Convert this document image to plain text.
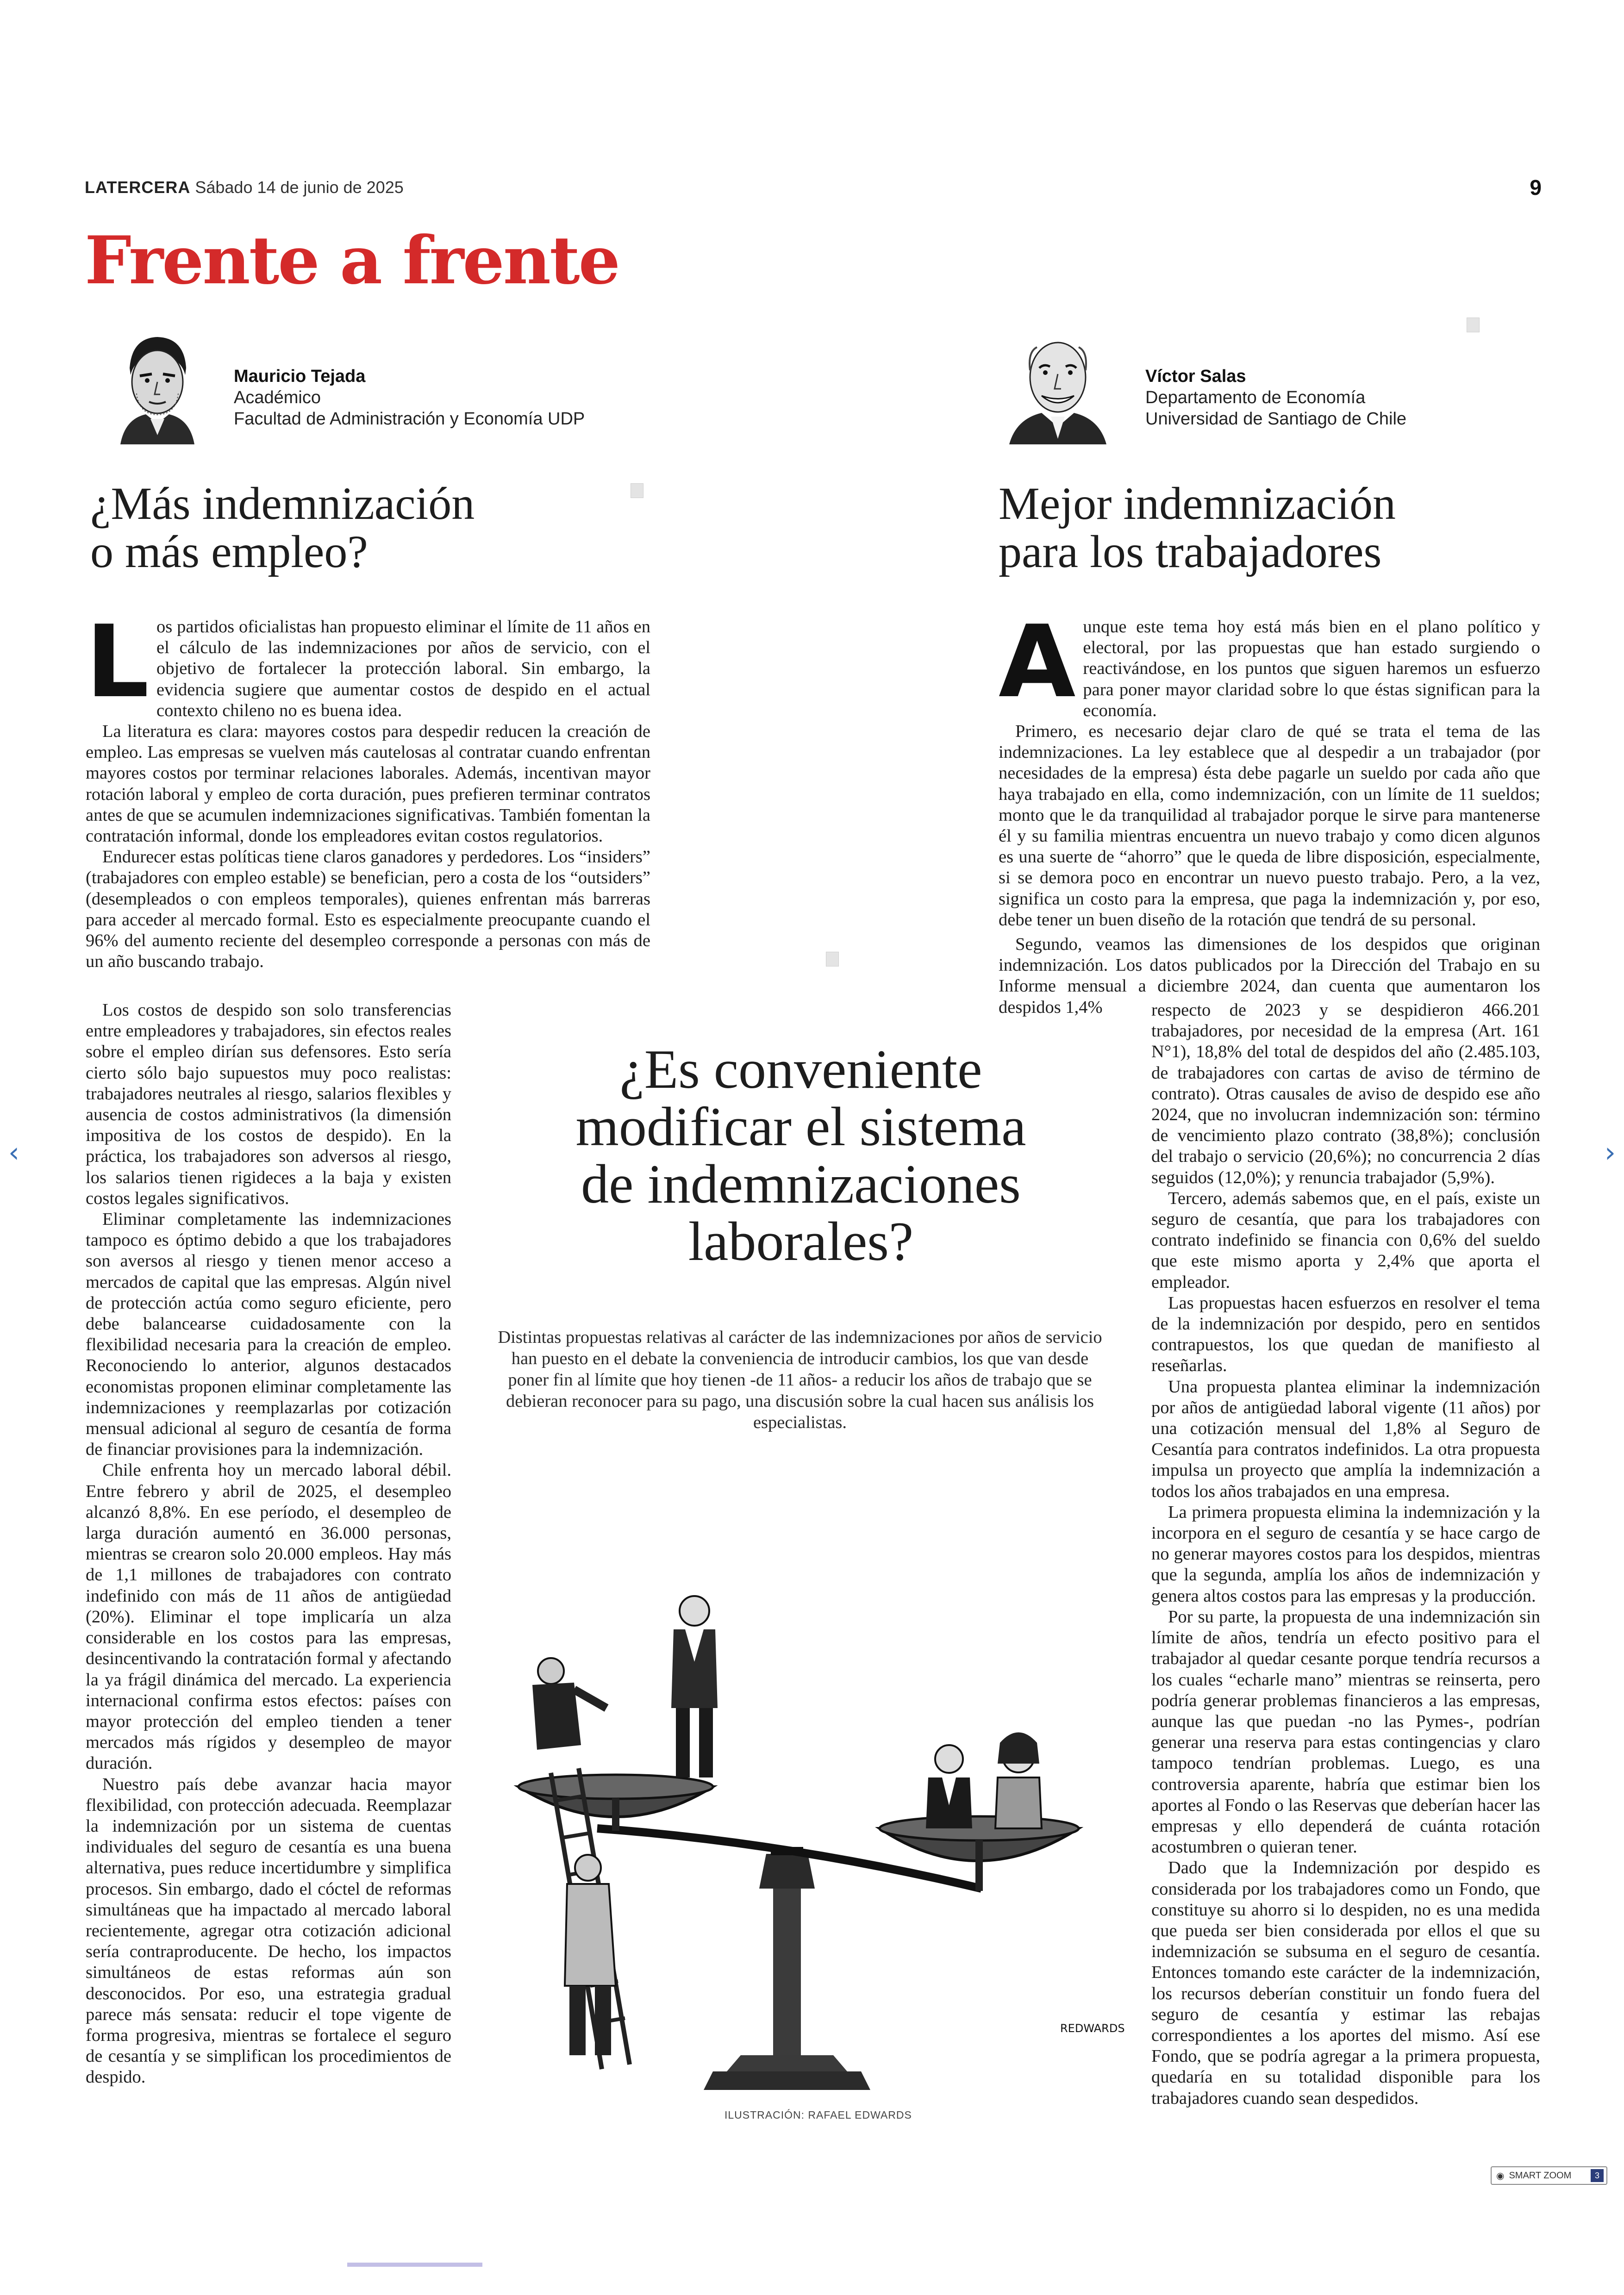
LATERCERA Sábado 14 de junio de 2025	9
Frente a frente
Mauricio Tejada
Académico
Facultad de Administración y Economía UDP
Víctor Salas
Departamento de Economía
Universidad de Santiago de Chile
¿Más indemnización
o más empleo?
Mejor indemnización
para los trabajadores
L os partidos oficialistas han propuesto eliminar el límite de 11 años en el cálculo de las indemnizaciones por años de servicio, con el objetivo de fortalecer la protección laboral. Sin embargo, la evidencia sugiere que aumentar costos de despido en el actual contexto chileno no es buena idea.

La literatura es clara: mayores costos para despedir reducen la creación de empleo. Las empresas se vuelven más cautelosas al contratar cuando enfrentan mayores costos por terminar relaciones laborales. Además, incentivan mayor rotación laboral y empleo de corta duración, pues prefieren terminar contratos antes de que se acumulen indemnizaciones significativas. También fomentan la contratación informal, donde los empleadores evitan costos regulatorios.

Endurecer estas políticas tiene claros ganadores y perdedores. Los “insiders” (trabajadores con empleo estable) se benefician, pero a costa de los “outsiders” (desempleados o con empleos temporales), quienes enfrentan más barreras para acceder al mercado formal. Esto es especialmente preocupante cuando el 96% del aumento reciente del desempleo corresponde a personas con más de un año buscando trabajo.

Los costos de despido son solo transferencias entre empleadores y trabajadores, sin efectos reales sobre el empleo dirían sus defensores. Esto sería cierto sólo bajo supuestos muy poco realistas: trabajadores neutrales al riesgo, salarios flexibles y ausencia de costos administrativos (la dimensión impositiva de los costos de despido). En la práctica, los trabajadores son adversos al riesgo, los salarios tienen rigideces a la baja y existen costos legales significativos.

Eliminar completamente las indemnizaciones tampoco es óptimo debido a que los trabajadores son aversos al riesgo y tienen menor acceso a mercados de capital que las empresas. Algún nivel de protección actúa como seguro eficiente, pero debe balancearse cuidadosamente con la flexibilidad necesaria para la creación de empleo. Reconociendo lo anterior, algunos destacados economistas proponen eliminar completamente las indemnizaciones y reemplazarlas por cotización mensual adicional al seguro de cesantía de forma de financiar provisiones para la indemnización.

Chile enfrenta hoy un mercado laboral débil. Entre febrero y abril de 2025, el desempleo alcanzó 8,8%. En ese período, el desempleo de larga duración aumentó en 36.000 personas, mientras se crearon solo 20.000 empleos. Hay más de 1,1 millones de trabajadores con contrato indefinido con más de 11 años de antigüedad (20%). Eliminar el tope implicaría un alza considerable en los costos para las empresas, desincentivando la contratación formal y afectando la ya frágil dinámica del mercado. La experiencia internacional confirma estos efectos: países con mayor protección del empleo tienden a tener mercados más rígidos y desempleo de mayor duración.

Nuestro país debe avanzar hacia mayor flexibilidad, con protección adecuada. Reemplazar la indemnización por un sistema de cuentas individuales del seguro de cesantía es una buena alternativa, pues reduce incertidumbre y simplifica procesos. Sin embargo, dado el cóctel de reformas simultáneas que ha impactado al mercado laboral recientemente, agregar otra cotización adicional sería contraproducente. De hecho, los impactos simultáneos de estas reformas aún son desconocidos. Por eso, una estrategia gradual parece más sensata: reducir el tope vigente de forma progresiva, mientras se fortalece el seguro de cesantía y se simplifican los procedimientos de despido.

A unque este tema hoy está más bien en el plano político y electoral, por las propuestas que han estado surgiendo o reactivándose, en los puntos que siguen haremos un esfuerzo para poner mayor claridad sobre lo que éstas significan para la economía.

Primero, es necesario dejar claro de qué se trata el tema de las indemnizaciones. La ley establece que al despedir a un trabajador (por necesidades de la empresa) ésta debe pagarle un sueldo por cada año que haya trabajado en ella, como indemnización, con un límite de 11 sueldos; monto que le da tranquilidad al trabajador porque le sirve para mantenerse él y su familia mientras encuentra un nuevo trabajo y como dicen algunos es una suerte de “ahorro” que le queda de libre disposición, especialmente, si se demora poco en encontrar un nuevo puesto trabajo. Pero, a la vez, significa un costo para la empresa, que paga la indemnización y, por eso, debe tener un buen diseño de la rotación que tendrá de su personal.

Segundo, veamos las dimensiones de los despidos que originan indemnización. Los datos publicados por la Dirección del Trabajo en su Informe mensual a diciembre 2024, dan cuenta que aumentaron los despidos 1,4%	respecto de 2023 y se despidieron 466.201 trabajadores, por necesidad de la empresa (Art. 161 N°1), 18,8% del total de despidos del año (2.485.103, de trabajadores con cartas de aviso de término de contrato). Otras causales de aviso de despido ese año 2024, que no involucran indemnización son: término de vencimiento plazo contrato (38,8%); conclusión del trabajo o servicio (20,6%); no concurrencia 2 días seguidos (12,0%); y renuncia trabajador (5,9%).

Tercero, además sabemos que, en el país, existe un seguro de cesantía, que para los trabajadores con contrato indefinido se financia con 0,6% del sueldo que este mismo aporta y 2,4% que aporta el empleador.

Las propuestas hacen esfuerzos en resolver el tema de la indemnización por despido, pero en sentidos contrapuestos, los que quedan de manifiesto al reseñarlas.

Una propuesta plantea eliminar la indemnización por años de antigüedad laboral vigente (11 años) por una cotización mensual del 1,8% al Seguro de Cesantía para contratos indefinidos. La otra propuesta impulsa un proyecto que amplía la indemnización a todos los años trabajados en una empresa.

La primera propuesta elimina la indemnización y la incorpora en el seguro de cesantía y se hace cargo de no generar mayores costos para los despidos, mientras que la segunda, amplía los años de indemnización y genera altos costos para las empresas y la producción.

Por su parte, la propuesta de una indemnización sin límite de años, tendría un efecto positivo para el trabajador al quedar cesante porque tendría recursos a los cuales “echarle mano” mientras se reinserta, pero podría generar problemas financieros a las empresas, aunque las que puedan -no las Pymes-, podrían generar una reserva para estas contingencias y claro tampoco tendrían problemas. Luego, es una controversia aparente, habría que estimar bien los aportes al Fondo o las Reservas que deberían hacer las empresas y ello dependerá de cuánta rotación acostumbren o quieran tener.

Dado que la Indemnización por despido es considerada por los trabajadores como un Fondo, que constituye su ahorro si lo despiden, no es una medida que pueda ser bien considerada por ellos el que su indemnización se subsuma en el seguro de cesantía. Entonces tomando este carácter de la indemnización, los recursos deberían constituir un fondo fuera del seguro de cesantía y estimar las rebajas correspondientes a los aportes del mismo. Así ese Fondo, que se podría agregar a la primera propuesta, quedaría en su totalidad disponible para los trabajadores cuando sean despedidos.

¿Es conveniente
modificar el sistema
de indemnizaciones
laborales?
Distintas propuestas relativas al carácter de las indemnizaciones por años de servicio han puesto en el debate la conveniencia de introducir cambios, los que van desde poner fin al límite que hoy tienen -de 11 años- a reducir los años de trabajo que se debieran reconocer para su pago, una discusión sobre la cual hacen sus análisis los especialistas.
REDWARDS
ILUSTRACIÓN: RAFAEL EDWARDS
‹	›
◉ SMART ZOOM	3
